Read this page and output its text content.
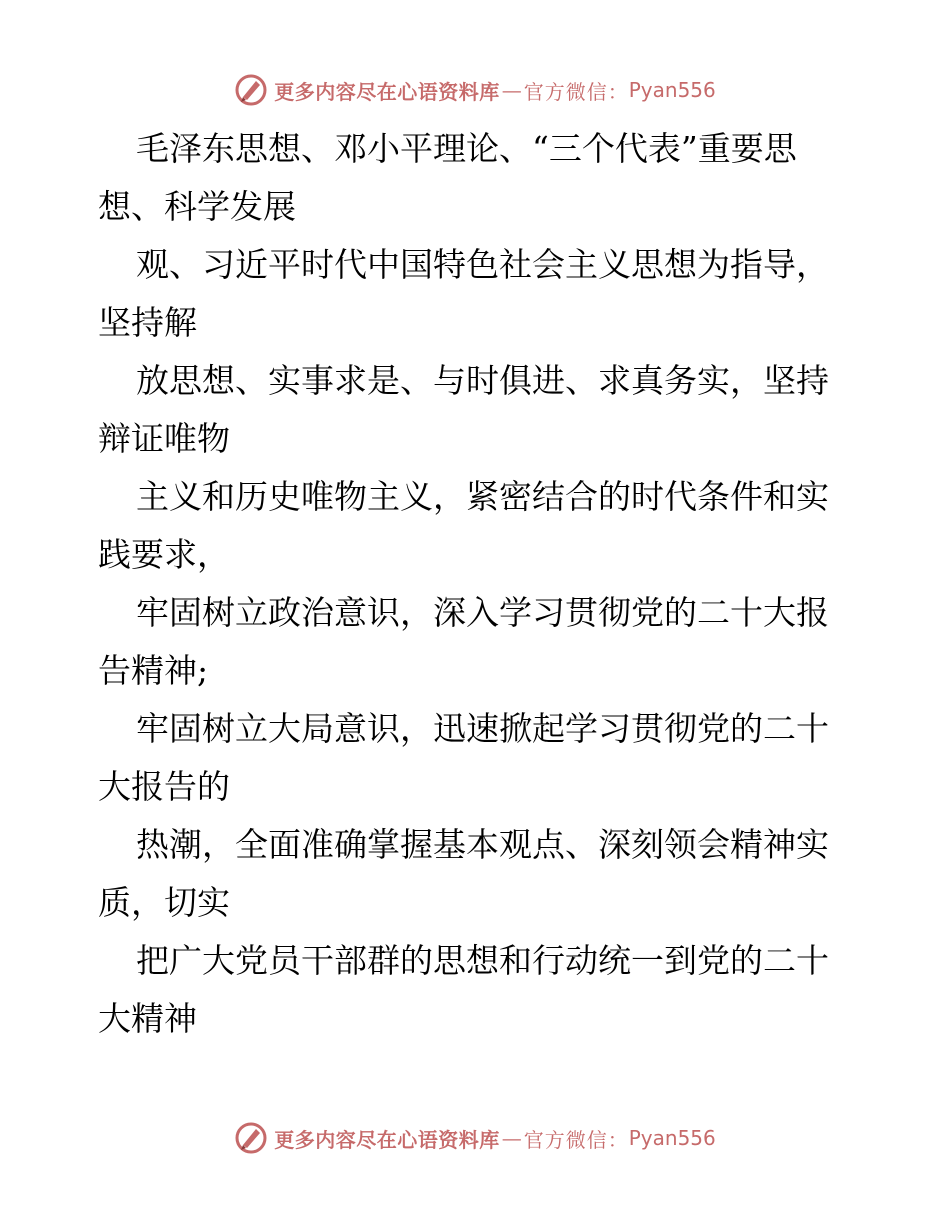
更多内容尽在心语资料库 — 官方微信： Pyan556
毛泽东思想、邓小平理论、“三个代表”重要思
想、科学发展
观、习近平时代中国特色社会主义思想为指导，
坚持解
放思想、实事求是、与时俱进、求真务实，坚持
辩证唯物
主义和历史唯物主义，紧密结合的时代条件和实
践要求，
牢固树立政治意识，深入学习贯彻党的二十大报
告精神;
牢固树立大局意识，迅速掀起学习贯彻党的二十
大报告的
热潮，全面准确掌握基本观点、深刻领会精神实
质，切实
把广大党员干部群的思想和行动统一到党的二十
大精神
更多内容尽在心语资料库 — 官方微信： Pyan556
